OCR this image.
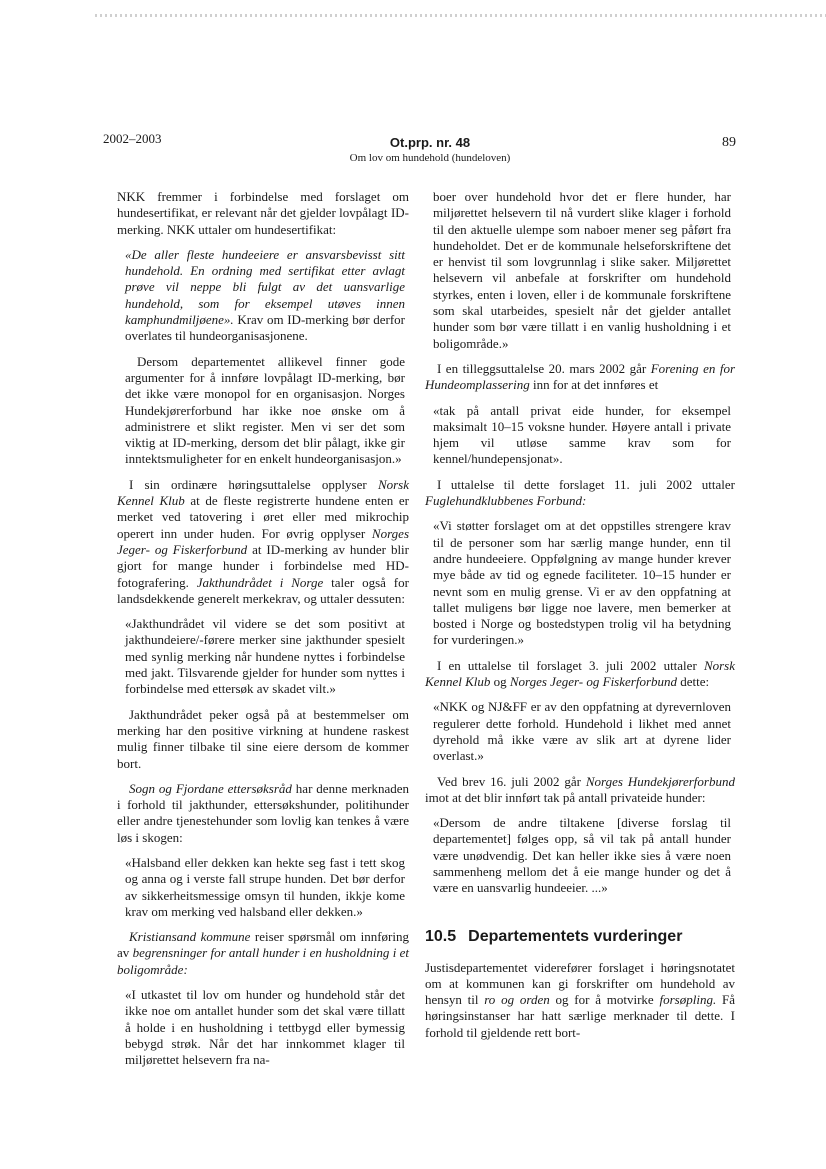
2002–2003	Ot.prp. nr. 48
Om lov om hundehold (hundeloven)
89

NKK fremmer i forbindelse med forslaget om hundesertifikat, er relevant når det gjelder lovpålagt ID-merking. NKK uttaler om hundesertifikat:

«De aller fleste hundeeiere er ansvarsbevisst sitt hundehold. En ordning med sertifikat etter avlagt prøve vil neppe bli fulgt av det uansvarlige hundehold, som for eksempel utøves innen kamphundmiljøene». Krav om ID-merking bør derfor overlates til hundeorganisasjonene.

Dersom departementet allikevel finner gode argumenter for å innføre lovpålagt ID-merking, bør det ikke være monopol for en organisasjon. Norges Hundekjørerforbund har ikke noe ønske om å administrere et slikt register. Men vi ser det som viktig at ID-merking, dersom det blir pålagt, ikke gir inntektsmuligheter for en enkelt hundeorganisasjon.»

I sin ordinære høringsuttalelse opplyser Norsk Kennel Klub at de fleste registrerte hundene enten er merket ved tatovering i øret eller med mikrochip operert inn under huden. For øvrig opplyser Norges Jeger- og Fiskerforbund at ID-merking av hunder blir gjort for mange hunder i forbindelse med HD-fotografering. Jakthundrådet i Norge taler også for landsdekkende generelt merkekrav, og uttaler dessuten:

«Jakthundrådet vil videre se det som positivt at jakthundeiere/-førere merker sine jakthunder spesielt med synlig merking når hundene nyttes i forbindelse med jakt. Tilsvarende gjelder for hunder som nyttes i forbindelse med ettersøk av skadet vilt.»

Jakthundrådet peker også på at bestemmelser om merking har den positive virkning at hundene raskest mulig finner tilbake til sine eiere dersom de kommer bort.

Sogn og Fjordane ettersøksråd har denne merknaden i forhold til jakthunder, ettersøkshunder, politihunder eller andre tjenestehunder som lovlig kan tenkes å være løs i skogen:

«Halsband eller dekken kan hekte seg fast i tett skog og anna og i verste fall strupe hunden. Det bør derfor av sikkerheitsmessige omsyn til hunden, ikkje kome krav om merking ved halsband eller dekken.»

Kristiansand kommune reiser spørsmål om innføring av begrensninger for antall hunder i en husholdning i et boligområde:

«I utkastet til lov om hunder og hundehold står det ikke noe om antallet hunder som det skal være tillatt å holde i en husholdning i tettbygd eller bymessig bebygd strøk. Når det har innkommet klager til miljørettet helsevern fra na-

boer over hundehold hvor det er flere hunder, har miljørettet helsevern til nå vurdert slike klager i forhold til den aktuelle ulempe som naboer mener seg påført fra hundeholdet. Det er de kommunale helseforskriftene det er henvist til som lovgrunnlag i slike saker. Miljørettet helsevern vil anbefale at forskrifter om hundehold styrkes, enten i loven, eller i de kommunale forskriftene som skal utarbeides, spesielt når det gjelder antallet hunder som bør være tillatt i en vanlig husholdning i et boligområde.»

I en tilleggsuttalelse 20. mars 2002 går Forening en for Hundeomplassering inn for at det innføres et

«tak på antall privat eide hunder, for eksempel maksimalt 10–15 voksne hunder. Høyere antall i private hjem vil utløse samme krav som for kennel/hundepensjonat».

I uttalelse til dette forslaget 11. juli 2002 uttaler Fuglehundklubbenes Forbund:

«Vi støtter forslaget om at det oppstilles strengere krav til de personer som har særlig mange hunder, enn til andre hundeeiere. Oppfølgning av mange hunder krever mye både av tid og egnede faciliteter. 10–15 hunder er nevnt som en mulig grense. Vi er av den oppfatning at tallet muligens bør ligge noe lavere, men bemerker at bosted i Norge og bostedstypen trolig vil ha betydning for vurderingen.»

I en uttalelse til forslaget 3. juli 2002 uttaler Norsk Kennel Klub og Norges Jeger- og Fiskerforbund dette:

«NKK og NJ&FF er av den oppfatning at dyrevernloven regulerer dette forhold. Hundehold i likhet med annet dyrehold må ikke være av slik art at dyrene lider overlast.»

Ved brev 16. juli 2002 går Norges Hundekjørerforbund imot at det blir innført tak på antall privateide hunder:

«Dersom de andre tiltakene [diverse forslag til departementet] følges opp, så vil tak på antall hunder være unødvendig. Det kan heller ikke sies å være noen sammenheng mellom det å eie mange hunder og det å være en uansvarlig hundeeier. ...»

10.5 Departementets vurderinger

Justisdepartementet viderefører forslaget i høringsnotatet om at kommunen kan gi forskrifter om hundehold av hensyn til ro og orden og for å motvirke forsøpling. Få høringsinstanser har hatt særlige merknader til dette. I forhold til gjeldende rett bort-
